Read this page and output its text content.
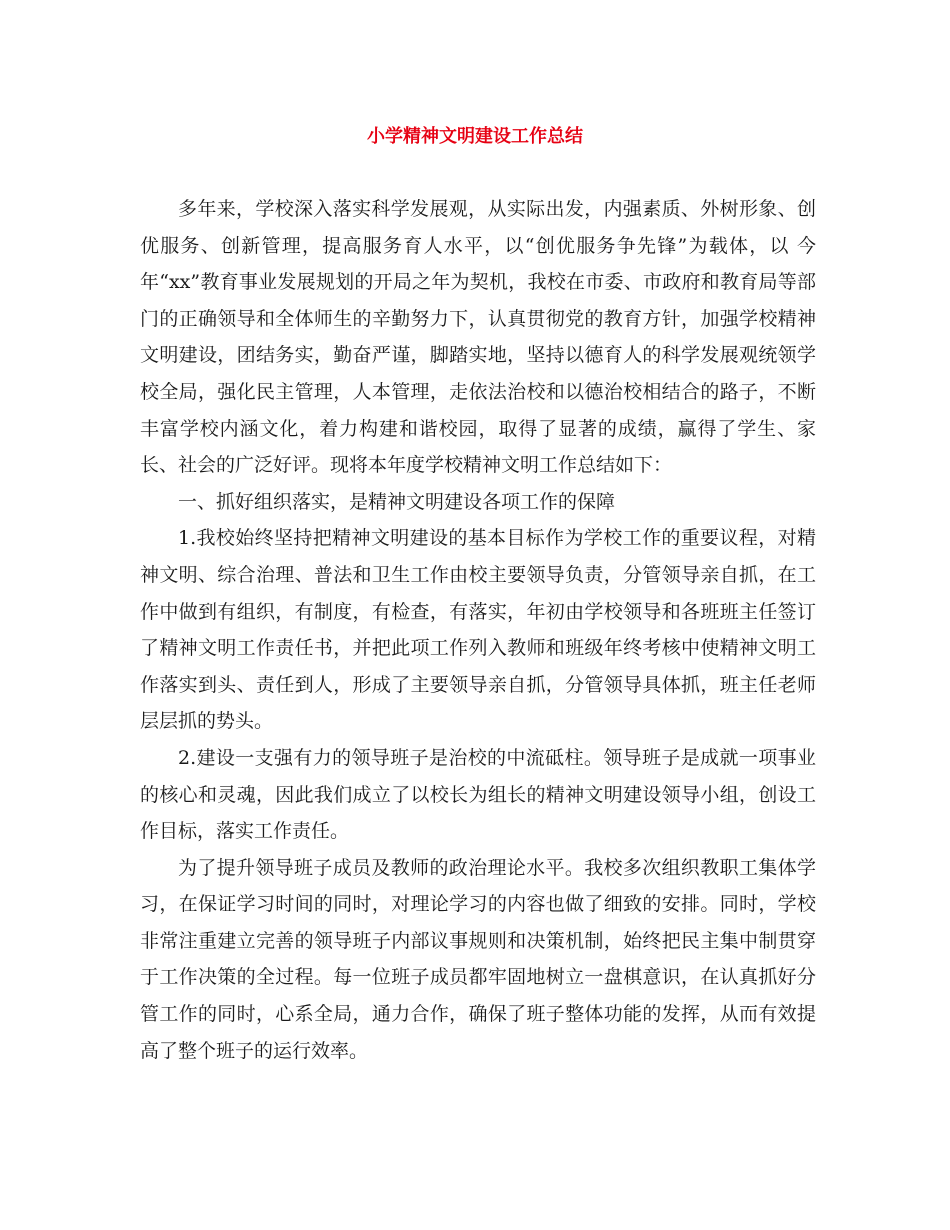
小学精神文明建设工作总结

多年来，学校深入落实科学发展观，从实际出发，内强素质、外树形象、创优服务、创新管理，提高服务育人水平，以“创优服务争先锋”为载体，以 今年“xx”教育事业发展规划的开局之年为契机，我校在市委、市政府和教育局等部门的正确领导和全体师生的辛勤努力下，认真贯彻党的教育方针，加强学校精神文明建设，团结务实，勤奋严谨，脚踏实地，坚持以德育人的科学发展观统领学校全局，强化民主管理，人本管理，走依法治校和以德治校相结合的路子，不断丰富学校内涵文化，着力构建和谐校园，取得了显著的成绩，赢得了学生、家长、社会的广泛好评。现将本年度学校精神文明工作总结如下：

一、抓好组织落实，是精神文明建设各项工作的保障

1.我校始终坚持把精神文明建设的基本目标作为学校工作的重要议程，对精神文明、综合治理、普法和卫生工作由校主要领导负责，分管领导亲自抓，在工作中做到有组织，有制度，有检查，有落实，年初由学校领导和各班班主任签订了精神文明工作责任书，并把此项工作列入教师和班级年终考核中使精神文明工作落实到头、责任到人，形成了主要领导亲自抓，分管领导具体抓，班主任老师层层抓的势头。

2.建设一支强有力的领导班子是治校的中流砥柱。领导班子是成就一项事业的核心和灵魂，因此我们成立了以校长为组长的精神文明建设领导小组，创设工作目标，落实工作责任。

为了提升领导班子成员及教师的政治理论水平。我校多次组织教职工集体学习，在保证学习时间的同时，对理论学习的内容也做了细致的安排。同时，学校非常注重建立完善的领导班子内部议事规则和决策机制，始终把民主集中制贯穿于工作决策的全过程。每一位班子成员都牢固地树立一盘棋意识，在认真抓好分管工作的同时，心系全局，通力合作，确保了班子整体功能的发挥，从而有效提高了整个班子的运行效率。
